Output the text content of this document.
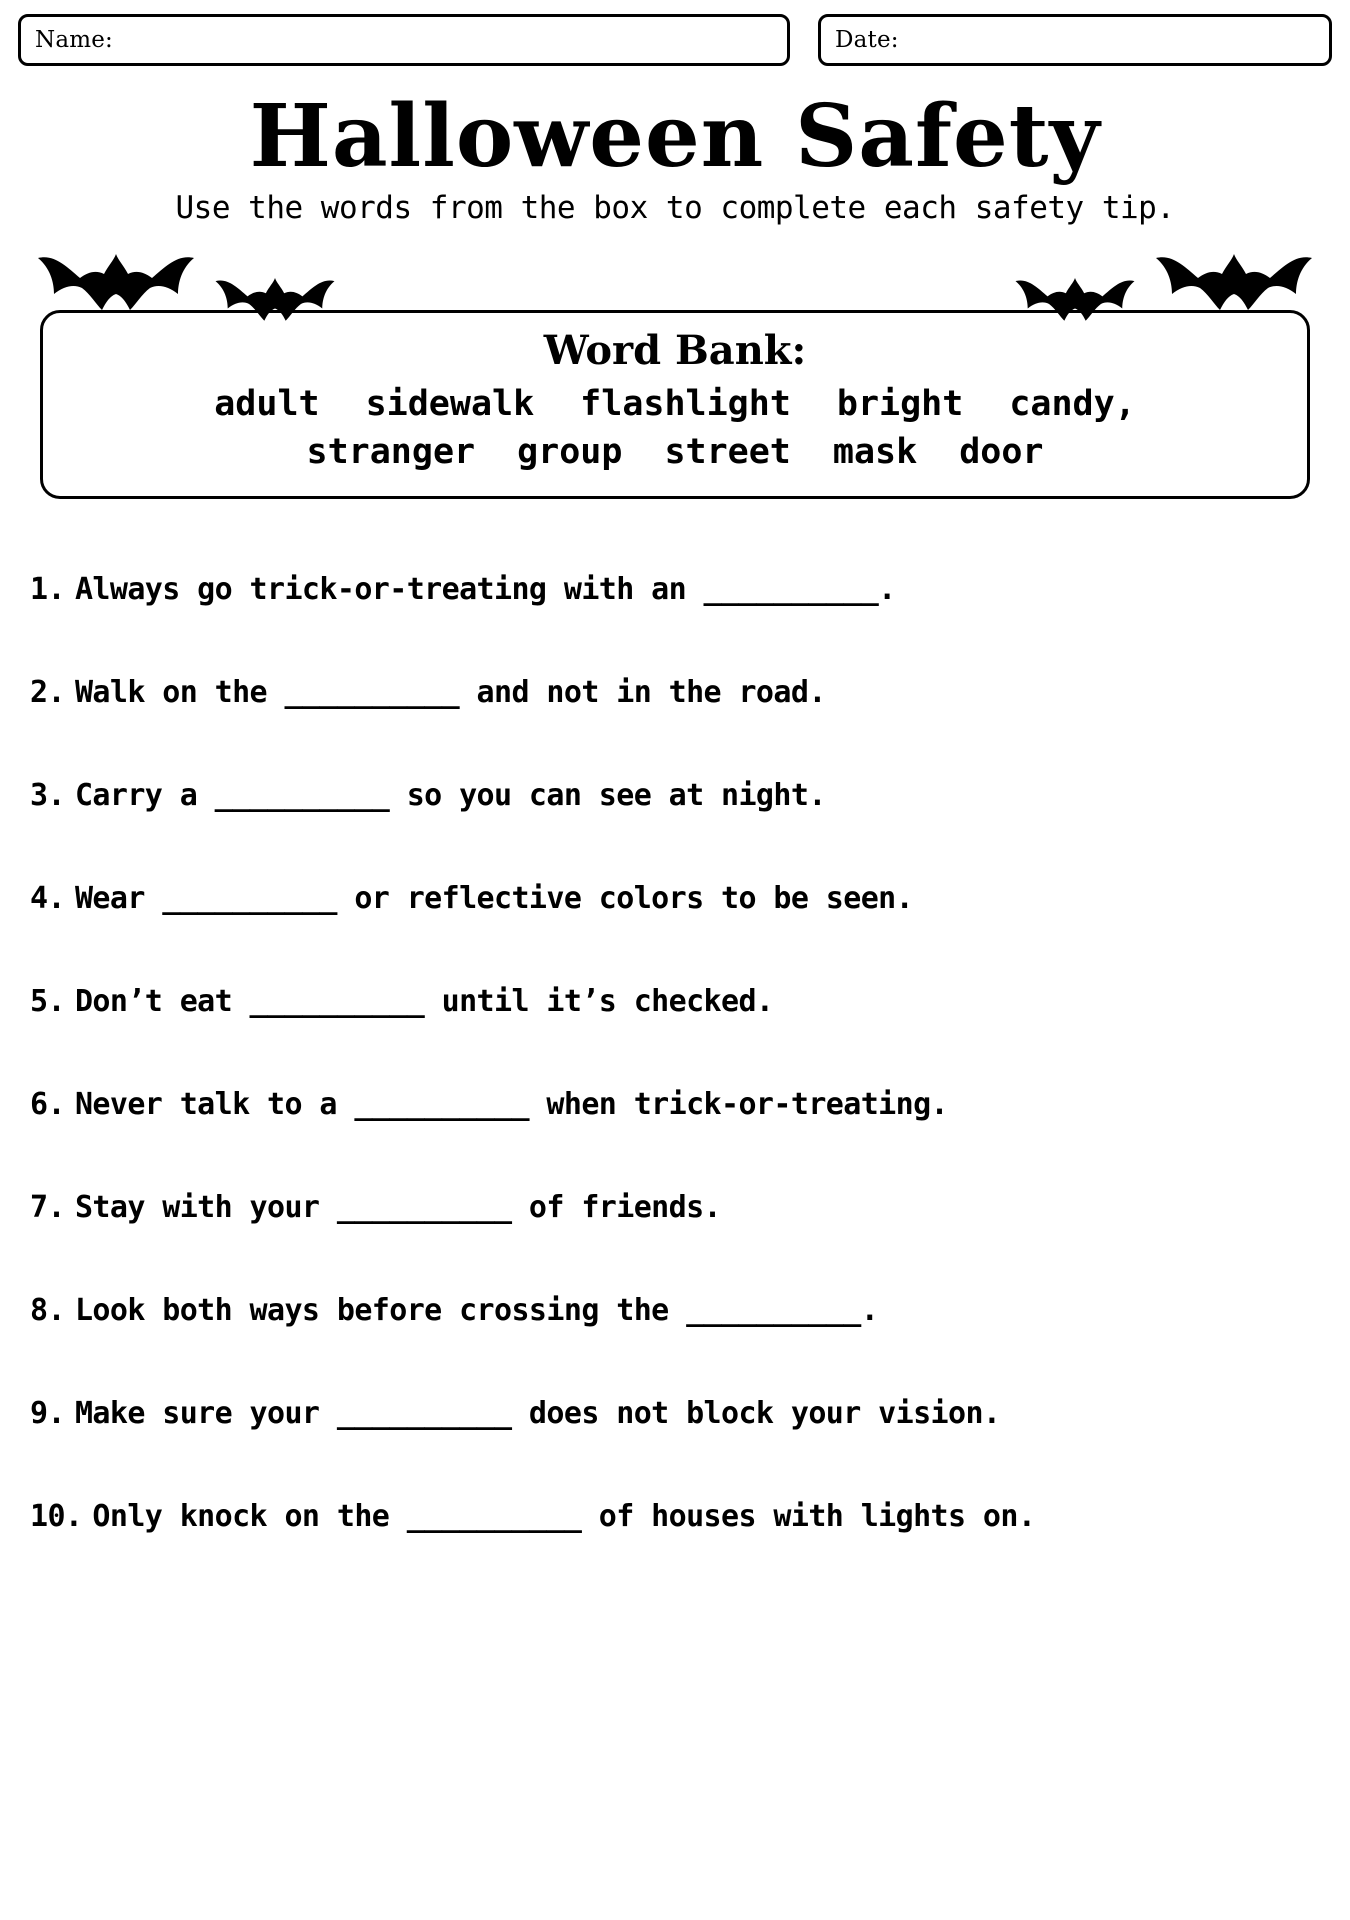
Name:	Date:
Halloween Safety
Use the words from the box to complete each safety tip.
Word Bank:
adult sidewalk flashlight bright candy,
stranger group street mask door
1. Always go trick-or-treating with an __________.
2. Walk on the __________ and not in the road.
3. Carry a __________ so you can see at night.
4. Wear __________ or reflective colors to be seen.
5. Don’t eat __________ until it’s checked.
6. Never talk to a __________ when trick-or-treating.
7. Stay with your __________ of friends.
8. Look both ways before crossing the __________.
9. Make sure your __________ does not block your vision.
10. Only knock on the __________ of houses with lights on.
